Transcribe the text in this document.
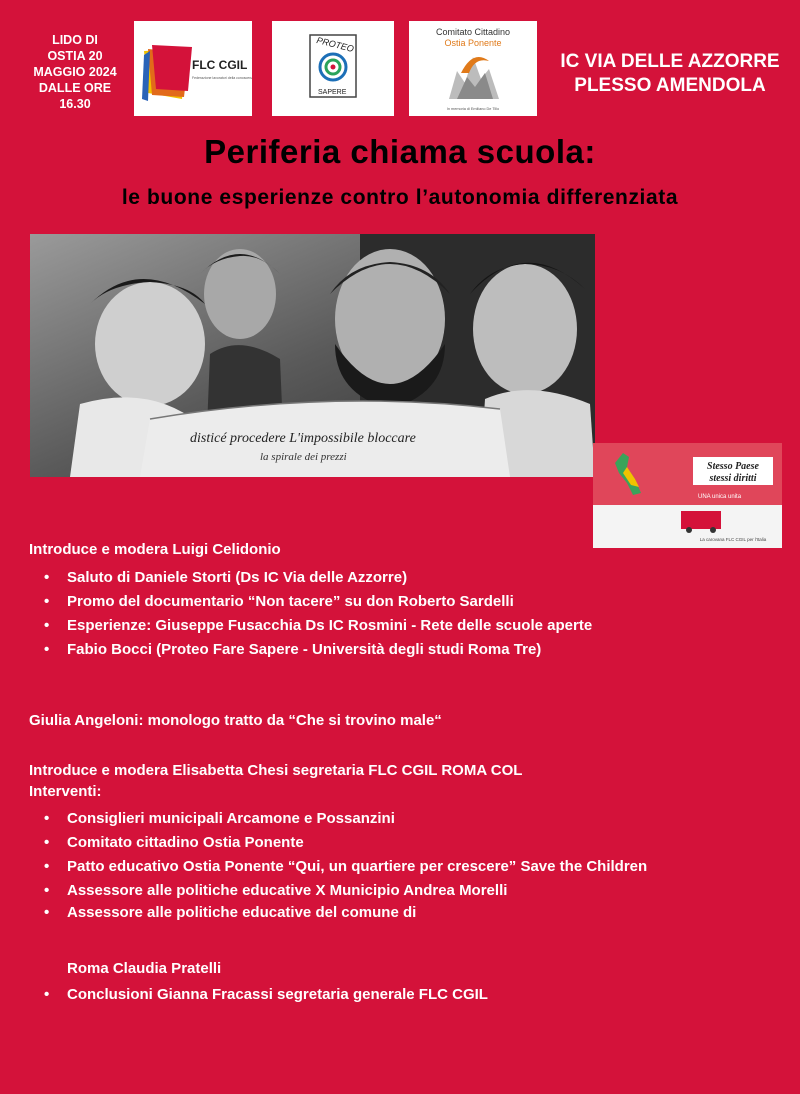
LIDO DI
OSTIA 20
MAGGIO 2024
DALLE ORE
16.30
FLC CGIL
Federazione lavoratori della conoscenza
PROTEO
SAPERE
Comitato Cittadino
Ostia Ponente
In memoria di Emiliano De Tillo
IC VIA DELLE AZZORRE
PLESSO AMENDOLA
Periferia chiama scuola:
le buone esperienze contro l’autonomia differenziata
disticé procedere L'impossibile bloccare
la spirale dei prezzi
Stesso Paese
stessi diritti
UNA unica unita
La carovana FLC CGIL per l'Italia
Introduce e modera Luigi Celidonio
• Saluto di Daniele Storti (Ds IC Via delle Azzorre)
• Promo del documentario “Non tacere” su don Roberto Sardelli
• Esperienze: Giuseppe Fusacchia Ds IC Rosmini - Rete delle scuole aperte
• Fabio Bocci (Proteo Fare Sapere - Università degli studi Roma Tre)
Giulia Angeloni: monologo tratto da “Che si trovino male“
Introduce e modera Elisabetta Chesi segretaria FLC CGIL ROMA COL
Interventi:
• Consiglieri municipali Arcamone e Possanzini
• Comitato cittadino Ostia Ponente
• Patto educativo Ostia Ponente “Qui, un quartiere per crescere” Save the Children
• Assessore alle politiche educative X Municipio Andrea Morelli
• Assessore alle politiche educative del comune di
Roma Claudia Pratelli
• Conclusioni Gianna Fracassi segretaria generale FLC CGIL
